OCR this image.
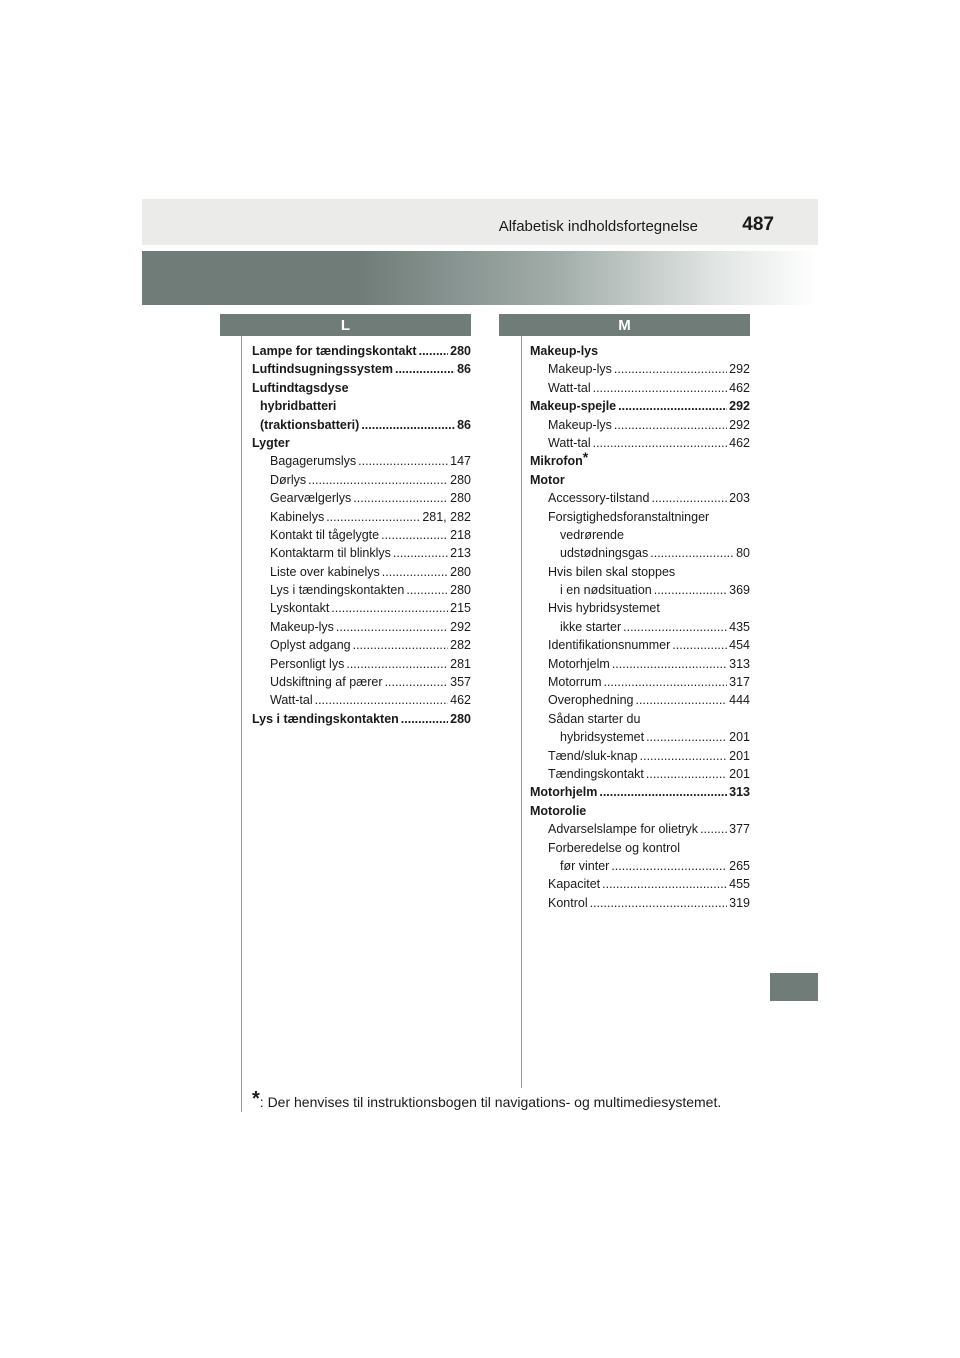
Alfabetisk indholdsfortegnelse 487
L	M
Lampe for tændingskontakt .....	280
Luftindsugningssystem .....	86
Luftindtagsdyse
hybridbatteri
(traktionsbatteri) .....	86
Lygter
Bagagerumslys .....	147
Dørlys .....	280
Gearvælgerlys .....	280
Kabinelys .....	281, 282
Kontakt til tågelygte .....	218
Kontaktarm til blinklys .....	213
Liste over kabinelys .....	280
Lys i tændingskontakten .....	280
Lyskontakt .....	215
Makeup-lys .....	292
Oplyst adgang .....	282
Personligt lys .....	281
Udskiftning af pærer .....	357
Watt-tal .....	462
Lys i tændingskontakten .....	280
Makeup-lys
Makeup-lys .....	292
Watt-tal .....	462
Makeup-spejle .....	292
Makeup-lys .....	292
Watt-tal .....	462
Mikrofon*
Motor
Accessory-tilstand .....	203
Forsigtighedsforanstaltninger
vedrørende
udstødningsgas .....	80
Hvis bilen skal stoppes
i en nødsituation .....	369
Hvis hybridsystemet
ikke starter .....	435
Identifikationsnummer .....	454
Motorhjelm .....	313
Motorrum .....	317
Overophedning .....	444
Sådan starter du
hybridsystemet .....	201
Tænd/sluk-knap .....	201
Tændingskontakt .....	201
Motorhjelm .....	313
Motorolie
Advarselslampe for olietryk ..... 377
Forberedelse og kontrol
før vinter .....	265
Kapacitet .....	455
Kontrol .....	319
*: Der henvises til instruktionsbogen til navigations- og multimediesystemet.
